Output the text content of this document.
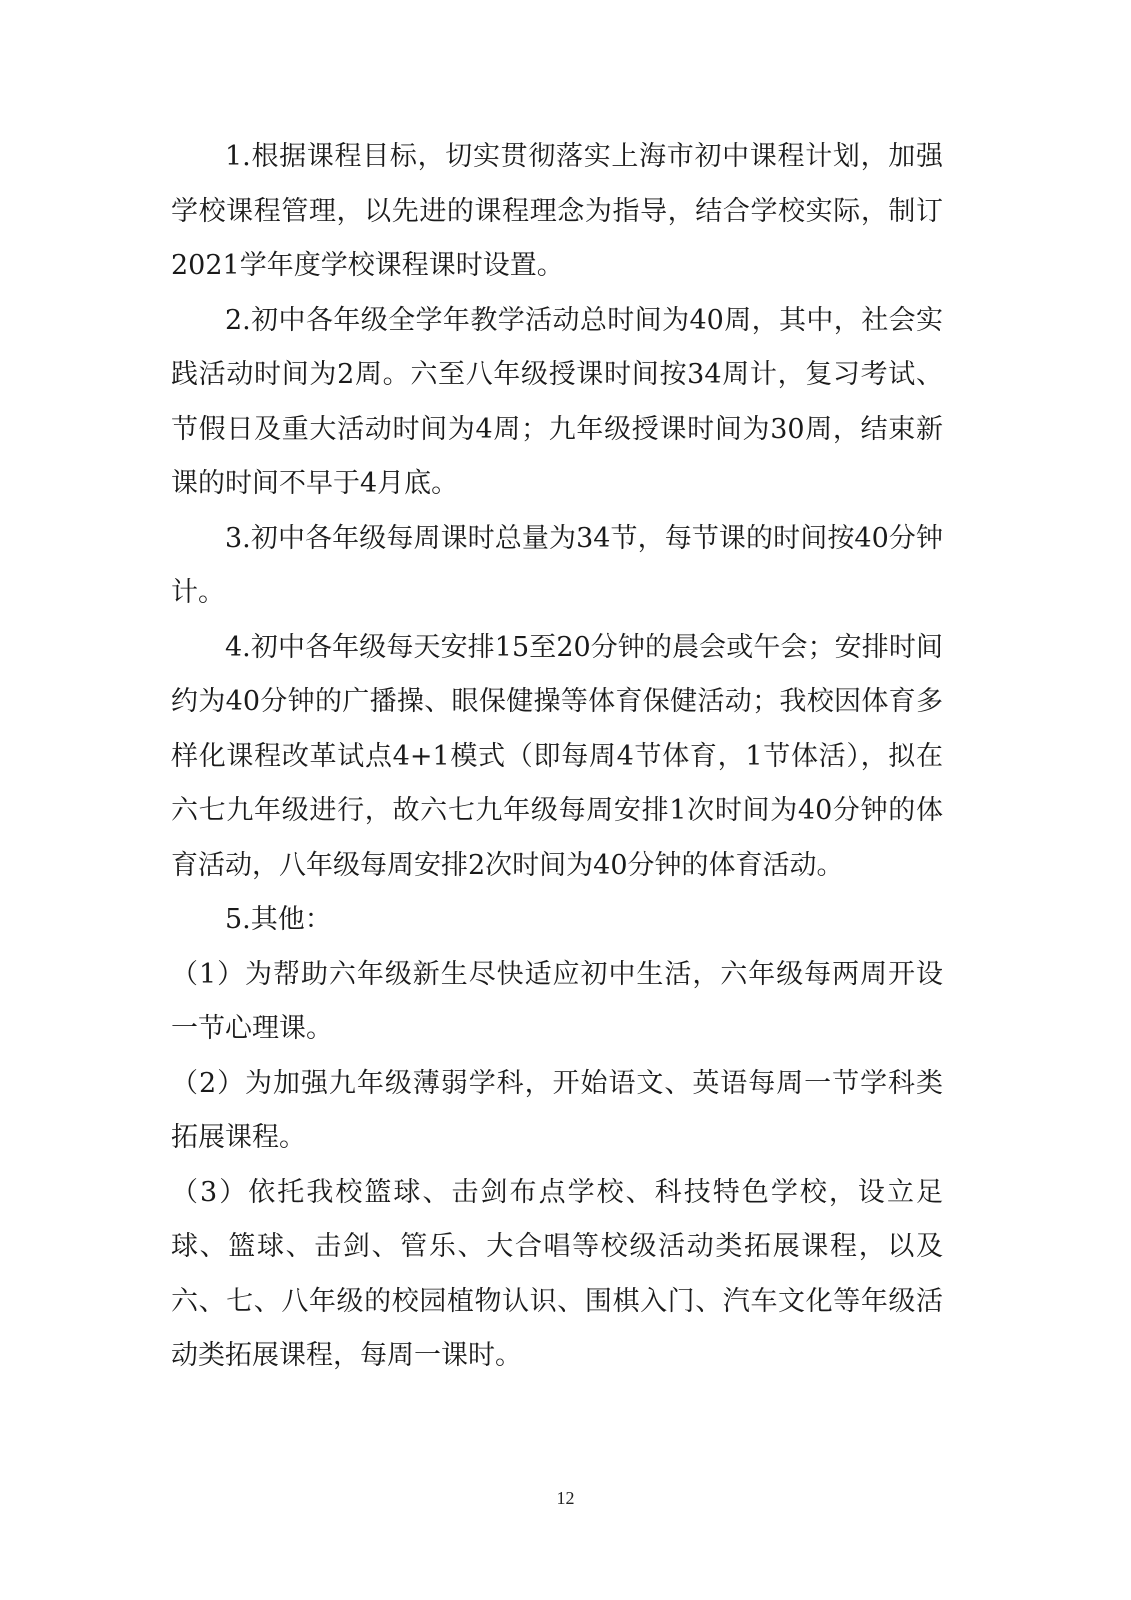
1.根据课程目标，切实贯彻落实上海市初中课程计划，加强学校课程管理，以先进的课程理念为指导，结合学校实际，制订2021学年度学校课程课时设置。

2.初中各年级全学年教学活动总时间为40周，其中，社会实践活动时间为2周。六至八年级授课时间按34周计，复习考试、节假日及重大活动时间为4周；九年级授课时间为30周，结束新课的时间不早于4月底。

3.初中各年级每周课时总量为34节，每节课的时间按40分钟计。

4.初中各年级每天安排15至20分钟的晨会或午会；安排时间约为40分钟的广播操、眼保健操等体育保健活动；我校因体育多样化课程改革试点4+1模式（即每周4节体育，1节体活），拟在六七九年级进行，故六七九年级每周安排1次时间为40分钟的体育活动，八年级每周安排2次时间为40分钟的体育活动。

5.其他：

（1）为帮助六年级新生尽快适应初中生活，六年级每两周开设一节心理课。

（2）为加强九年级薄弱学科，开始语文、英语每周一节学科类拓展课程。

（3）依托我校篮球、击剑布点学校、科技特色学校，设立足球、篮球、击剑、管乐、大合唱等校级活动类拓展课程，以及六、七、八年级的校园植物认识、围棋入门、汽车文化等年级活动类拓展课程，每周一课时。

12
